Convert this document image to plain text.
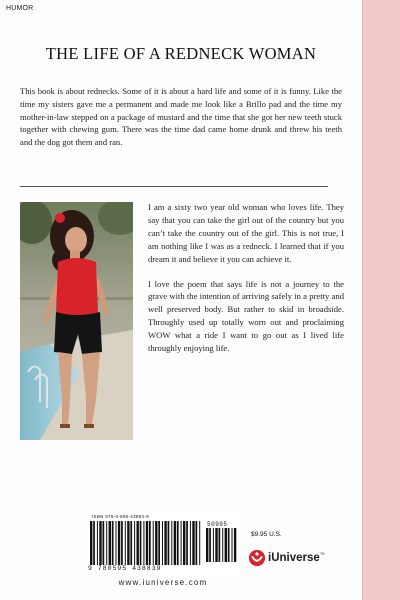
HUMOR
THE LIFE OF A REDNECK WOMAN
This book is about rednecks. Some of it is about a hard life and some of it is funny. Like the time my sisters gave me a permanent and made me look like a Brillo pad and the time my mother-in-law stepped on a package of mustard and the time that she got her new teeth stuck together with chewing gum. There was the time dad came home drunk and threw his teeth and the dog got them and ran.

I am a sixty two year old woman who loves life. They say that you can take the girl out of the country but you can’t take the country out of the girl. This is not true, I am nothing like I was as a redneck. I learned that if you dream it and believe it you can achieve it.

I love the poem that says life is not a journey to the grave with the intention of arriving safely in a pretty and well preserved body. But rather to skid in broadside. Throughly used up totally worn out and proclaiming WOW what a ride I want to go out as I lived life throughly enjoying life.

ISBN 978-0-595-43883-9
50995
9 780595 438839
www.iuniverse.com
$9.95 U.S.
iUniverse™
